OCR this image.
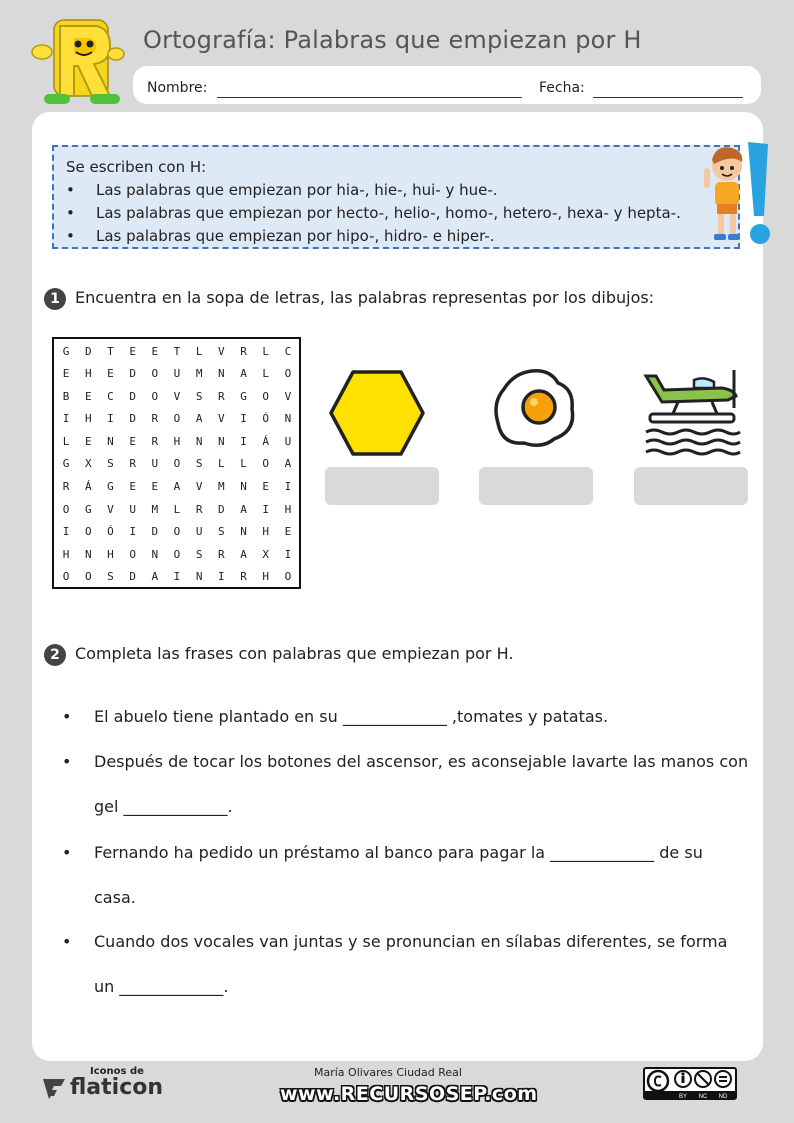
Ortografía: Palabras que empiezan por H
Nombre:	Fecha:
Se escriben con H:
• Las palabras que empiezan por hia-, hie-, hui- y hue-.
• Las palabras que empiezan por hecto-, helio-, homo-, hetero-, hexa- y hepta-.
• Las palabras que empiezan por hipo-, hidro- e hiper-.
1 Encuentra en la sopa de letras, las palabras representas por los dibujos:
G	D	T	E	E	T	L	V	R	L	C
E	H	E	D	O	U	M	N	A	L	O
B	E	C	D	O	V	S	R	G	O	V
I	H	I	D	R	O	A	V	I	Ó	N
L	E	N	E	R	H	N	N	I	Á	U
G	X	S	R	U	O	S	L	L	O	A
R	Á	G	E	E	A	V	M	N	E	I
O	G	V	U	M	L	R	D	A	I	H
I	O	Ó	I	D	O	U	S	N	H	E
H	N	H	O	N	O	S	R	A	X	I
O	O	S	D	A	I	N	I	R	H	O
2 Completa las frases con palabras que empiezan por H.
• El abuelo tiene plantado en su _____________ ,tomates y patatas.
• Después de tocar los botones del ascensor, es aconsejable lavarte las manos con
gel _____________.
• Fernando ha pedido un préstamo al banco para pagar la _____________ de su
casa.
• Cuando dos vocales van juntas y se pronuncian en sílabas diferentes, se forma
un _____________.
Iconos de
flaticon
María Olivares Ciudad Real
www.RECURSOSEP.com	BY NC ND
